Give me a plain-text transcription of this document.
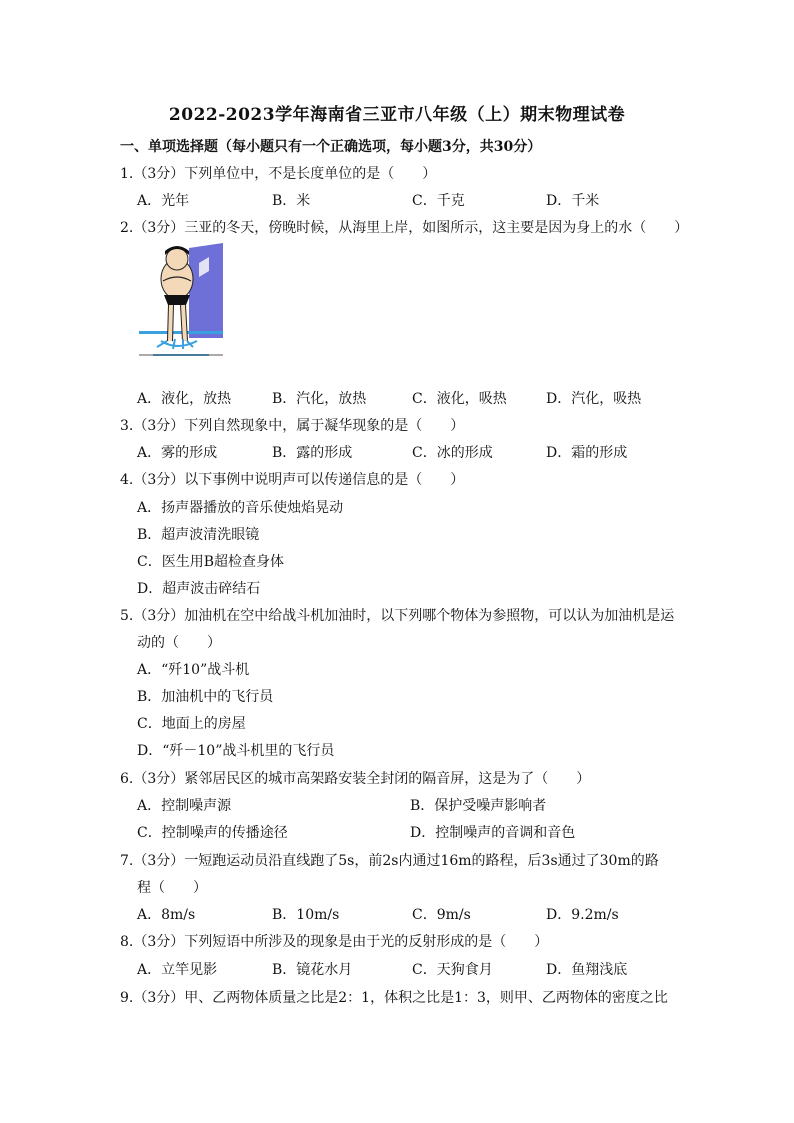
2022-2023学年海南省三亚市八年级（上）期末物理试卷
一、单项选择题（每小题只有一个正确选项，每小题3分，共30分）
1.（3分）下列单位中，不是长度单位的是（　　）
A．光年	B．米	C．千克	D．千米
2.（3分）三亚的冬天，傍晚时候，从海里上岸，如图所示，这主要是因为身上的水（　　）
A．液化，放热	B．汽化，放热	C．液化，吸热	D．汽化，吸热
3.（3分）下列自然现象中，属于凝华现象的是（　　）
A．雾的形成	B．露的形成	C．冰的形成	D．霜的形成
4.（3分）以下事例中说明声可以传递信息的是（　　）
A．扬声器播放的音乐使烛焰晃动
B．超声波清洗眼镜
C．医生用B超检查身体
D．超声波击碎结石
5.（3分）加油机在空中给战斗机加油时，以下列哪个物体为参照物，可以认为加油机是运
动的（　　）
A．“歼10”战斗机
B．加油机中的飞行员
C．地面上的房屋
D．“歼－10”战斗机里的飞行员
6.（3分）紧邻居民区的城市高架路安装全封闭的隔音屏，这是为了（　　）
A．控制噪声源	B．保护受噪声影响者
C．控制噪声的传播途径	D．控制噪声的音调和音色
7.（3分）一短跑运动员沿直线跑了5s，前2s内通过16m的路程，后3s通过了30m的路
程（　　）
A．8m/s	B．10m/s	C．9m/s	D．9.2m/s
8.（3分）下列短语中所涉及的现象是由于光的反射形成的是（　　）
A．立竿见影	B．镜花水月	C．天狗食月	D．鱼翔浅底
9.（3分）甲、乙两物体质量之比是2：1，体积之比是1：3，则甲、乙两物体的密度之比
